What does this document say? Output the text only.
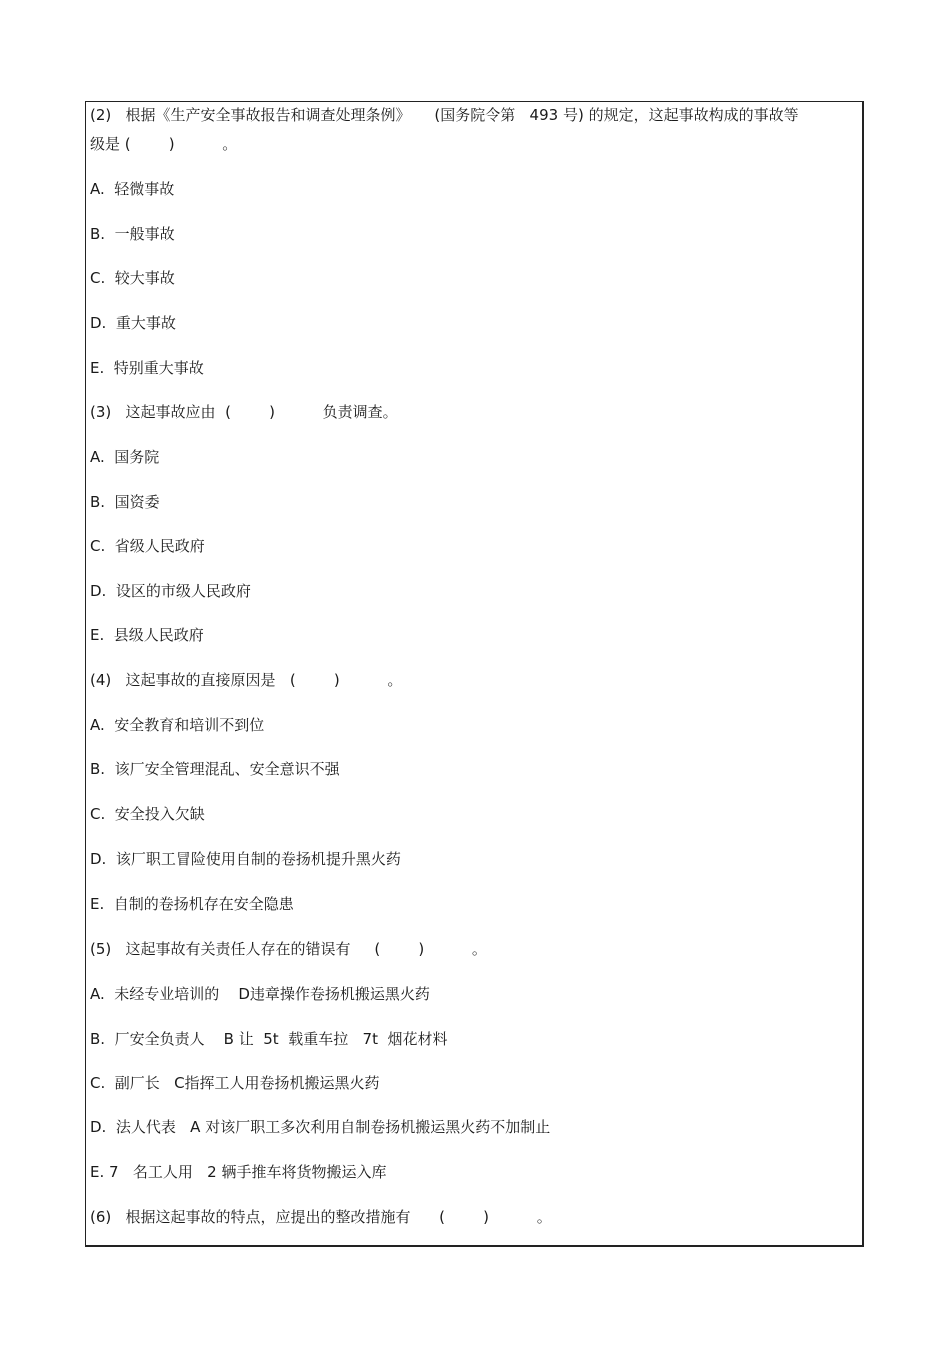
(2)   根据《生产安全事故报告和调查处理条例》     (国务院令第   493 号) 的规定，这起事故构成的事故等
级是 (        )          。
A.  轻微事故
B.  一般事故
C.  较大事故
D.  重大事故
E.  特别重大事故
(3)   这起事故应由  (        )          负责调查。
A.  国务院
B.  国资委
C.  省级人民政府
D.  设区的市级人民政府
E.  县级人民政府
(4)   这起事故的直接原因是   (        )          。
A.  安全教育和培训不到位
B.  该厂安全管理混乱、安全意识不强
C.  安全投入欠缺
D.  该厂职工冒险使用自制的卷扬机提升黑火药
E.  自制的卷扬机存在安全隐患
(5)   这起事故有关责任人存在的错误有     (        )          。
A.  未经专业培训的    D违章操作卷扬机搬运黑火药
B.  厂安全负责人    B 让  5t  载重车拉   7t  烟花材料
C.  副厂长   C指挥工人用卷扬机搬运黑火药
D.  法人代表   A 对该厂职工多次利用自制卷扬机搬运黑火药不加制止
E. 7   名工人用   2 辆手推车将货物搬运入库
(6)   根据这起事故的特点，应提出的整改措施有      (        )          。
